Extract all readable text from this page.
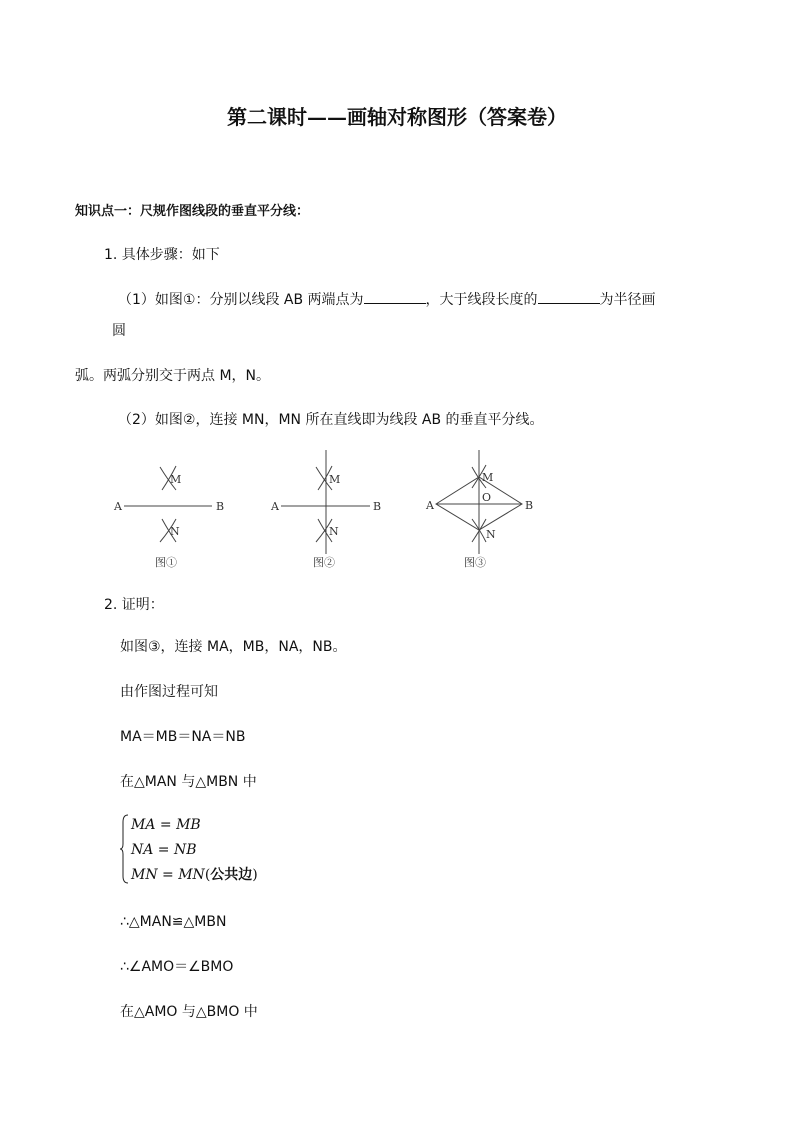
第二课时——画轴对称图形（答案卷）
知识点一：尺规作图线段的垂直平分线：
1. 具体步骤：如下
（1）如图①：分别以线段 AB 两端点为	，大于线段长度的	为半径画
圆
弧。两弧分别交于两点 M，N。
（2）如图②，连接 MN，MN 所在直线即为线段 AB 的垂直平分线。
A	B
M
N
图①
A	B
M
N
图②
A	B
M
O
N
图③
2. 证明：
如图③，连接 MA，MB，NA，NB。
由作图过程可知
MA＝MB＝NA＝NB
在△MAN 与△MBN 中
MA = MB
NA = NB
MN = MN(公共边)
∴△MAN≌△MBN
∴∠AMO＝∠BMO
在△AMO 与△BMO 中
